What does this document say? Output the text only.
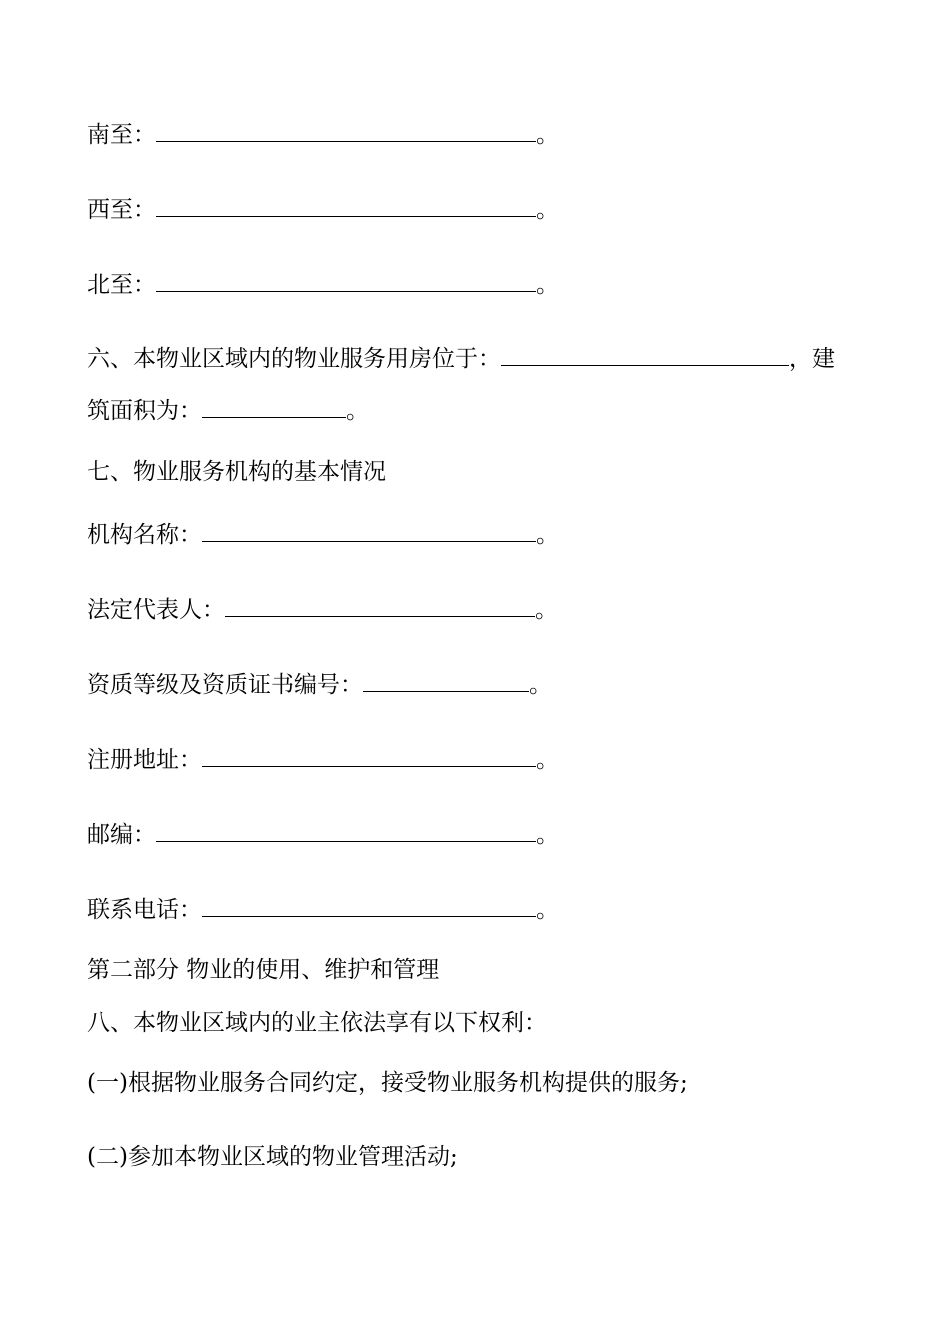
南至：	。
西至：	。
北至：	。
六、本物业区域内的物业服务用房位于：	，建
筑面积为：	。
七、物业服务机构的基本情况
机构名称：	。
法定代表人：	。
资质等级及资质证书编号：	。
注册地址：	。
邮编：	。
联系电话：	。
第二部分 物业的使用、维护和管理
八、本物业区域内的业主依法享有以下权利：
(一)根据物业服务合同约定，接受物业服务机构提供的服务;
(二)参加本物业区域的物业管理活动;
